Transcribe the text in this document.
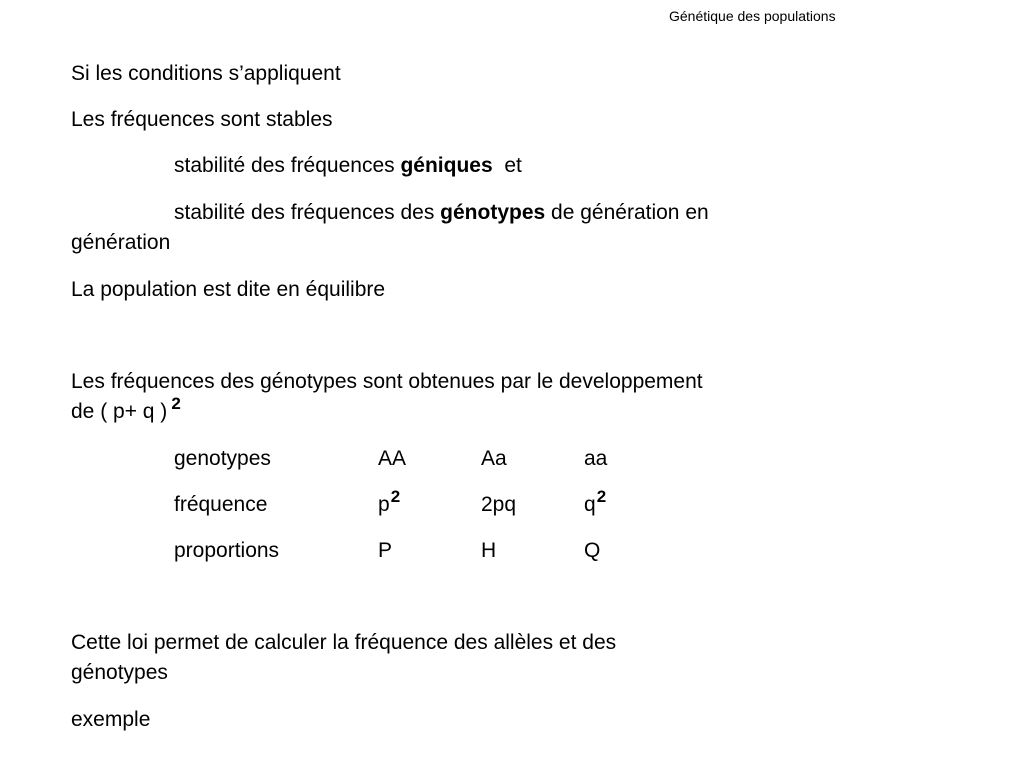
Génétique des populations
Si les conditions s’appliquent
Les fréquences sont stables
stabilité des fréquences géniques  et
stabilité des fréquences des génotypes de génération en
génération
La population est dite en équilibre
Les fréquences des génotypes sont obtenues par le developpement
de ( p+ q ) $^2$
genotypes	AA	Aa	aa
fréquence	$p^2$	2pq	$q^2$
proportions	P	H	Q
Cette loi permet de calculer la fréquence des allèles et des
génotypes
exemple
